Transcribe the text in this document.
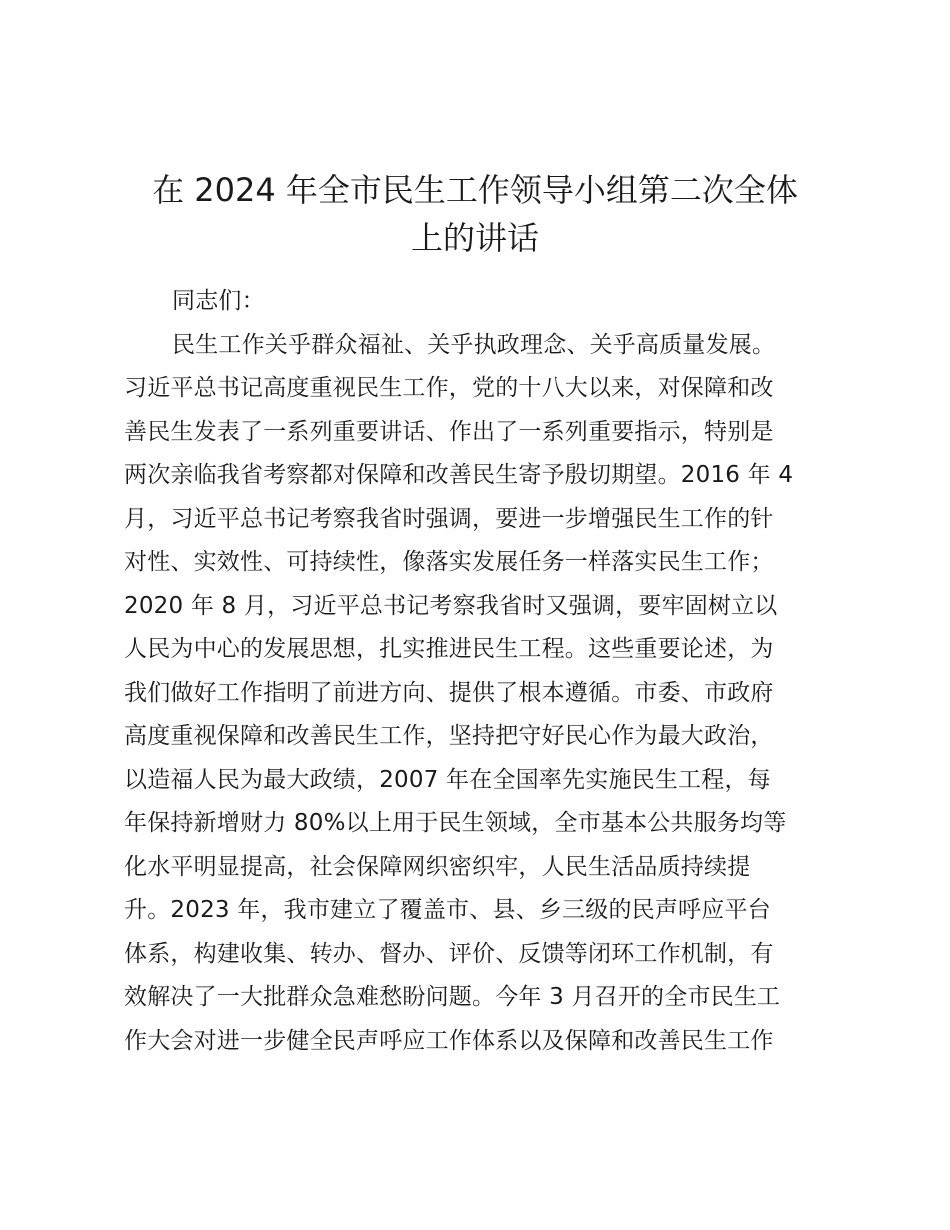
在 2024 年全市民生工作领导小组第二次全体
上的讲话
同志们：
民生工作关乎群众福祉、关乎执政理念、关乎高质量发展。
习近平总书记高度重视民生工作，党的十八大以来，对保障和改
善民生发表了一系列重要讲话、作出了一系列重要指示，特别是
两次亲临我省考察都对保障和改善民生寄予殷切期望。2016 年 4
月，习近平总书记考察我省时强调，要进一步增强民生工作的针
对性、实效性、可持续性，像落实发展任务一样落实民生工作；
2020 年 8 月，习近平总书记考察我省时又强调，要牢固树立以
人民为中心的发展思想，扎实推进民生工程。这些重要论述，为
我们做好工作指明了前进方向、提供了根本遵循。市委、市政府
高度重视保障和改善民生工作，坚持把守好民心作为最大政治，
以造福人民为最大政绩，2007 年在全国率先实施民生工程，每
年保持新增财力 80%以上用于民生领域，全市基本公共服务均等
化水平明显提高，社会保障网织密织牢，人民生活品质持续提
升。2023 年，我市建立了覆盖市、县、乡三级的民声呼应平台
体系，构建收集、转办、督办、评价、反馈等闭环工作机制，有
效解决了一大批群众急难愁盼问题。今年 3 月召开的全市民生工
作大会对进一步健全民声呼应工作体系以及保障和改善民生工作
